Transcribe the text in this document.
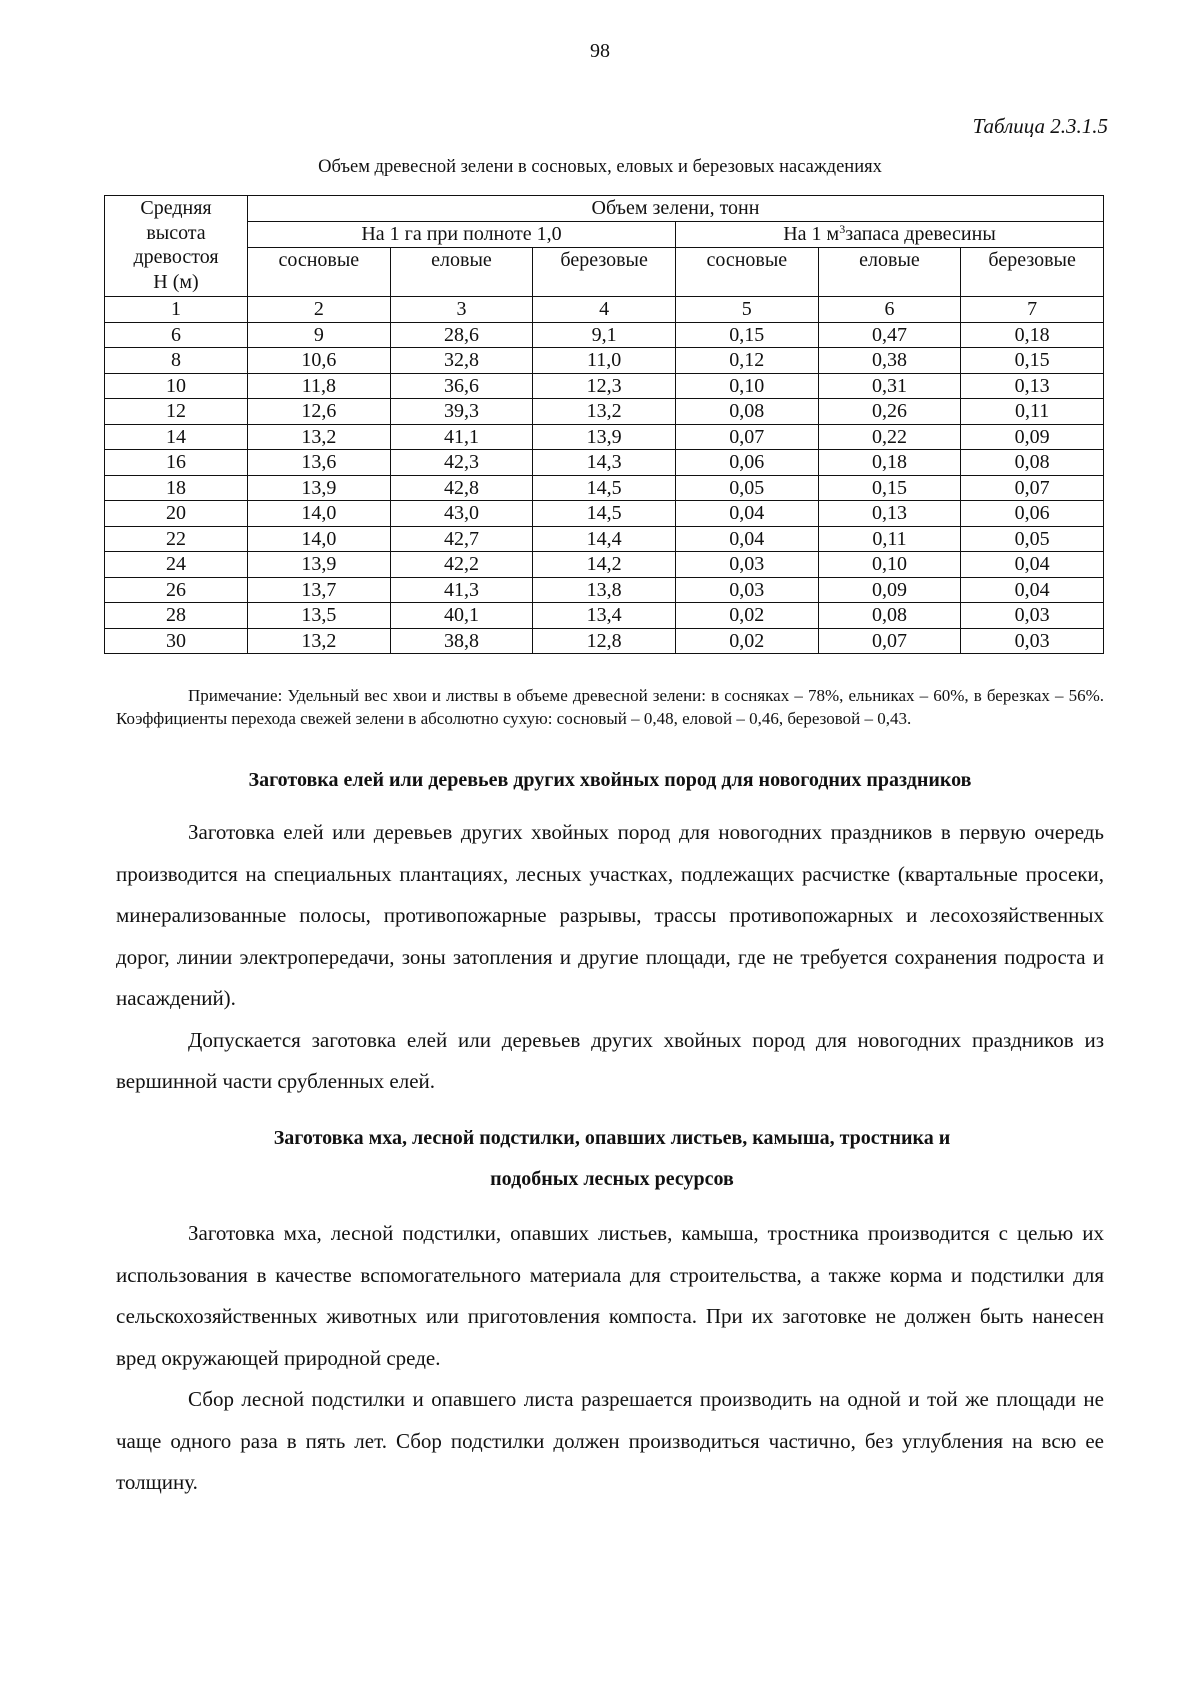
98
Таблица 2.3.1.5
Объем древесной зелени в сосновых, еловых и березовых насаждениях
Средняя
высота
древостоя
Н (м)	Объем зелени, тонн					
	На 1 га при полноте 1,0			На 1 $м^3запаса$ древесины		
	сосновые	еловые	березовые	сосновые	еловые	березовые
1	2	3	4	5	6	7
6	9	28,6	9,1	0,15	0,47	0,18
8	10,6	32,8	11,0	0,12	0,38	0,15
10	11,8	36,6	12,3	0,10	0,31	0,13
12	12,6	39,3	13,2	0,08	0,26	0,11
14	13,2	41,1	13,9	0,07	0,22	0,09
16	13,6	42,3	14,3	0,06	0,18	0,08
18	13,9	42,8	14,5	0,05	0,15	0,07
20	14,0	43,0	14,5	0,04	0,13	0,06
22	14,0	42,7	14,4	0,04	0,11	0,05
24	13,9	42,2	14,2	0,03	0,10	0,04
26	13,7	41,3	13,8	0,03	0,09	0,04
28	13,5	40,1	13,4	0,02	0,08	0,03
30	13,2	38,8	12,8	0,02	0,07	0,03

Примечание: Удельный вес хвои и листвы в объеме древесной зелени: в сосняках – 78%, ельниках – 60%, в березках – 56%. Коэффициенты перехода свежей зелени в абсолютно сухую: сосновый – 0,48, еловой – 0,46, березовой – 0,43.

Заготовка елей или деревьев других хвойных пород для новогодних праздников

Заготовка елей или деревьев других хвойных пород для новогодних праздников в первую очередь производится на специальных плантациях, лесных участках, подлежащих расчистке (квартальные просеки, минерализованные полосы, противопожарные разрывы, трассы противопожарных и лесохозяйственных дорог, линии электропередачи, зоны затопления и другие площади, где не требуется сохранения подроста и насаждений).

Допускается заготовка елей или деревьев других хвойных пород для новогодних праздников из вершинной части срубленных елей.

Заготовка мха, лесной подстилки, опавших листьев, камыша, тростника и
подобных лесных ресурсов

Заготовка мха, лесной подстилки, опавших листьев, камыша, тростника производится с целью их использования в качестве вспомогательного материала для строительства, а также корма и подстилки для сельскохозяйственных животных или приготовления компоста. При их заготовке не должен быть нанесен вред окружающей природной среде.

Сбор лесной подстилки и опавшего листа разрешается производить на одной и той же площади не чаще одного раза в пять лет. Сбор подстилки должен производиться частично, без углубления на всю ее толщину.
